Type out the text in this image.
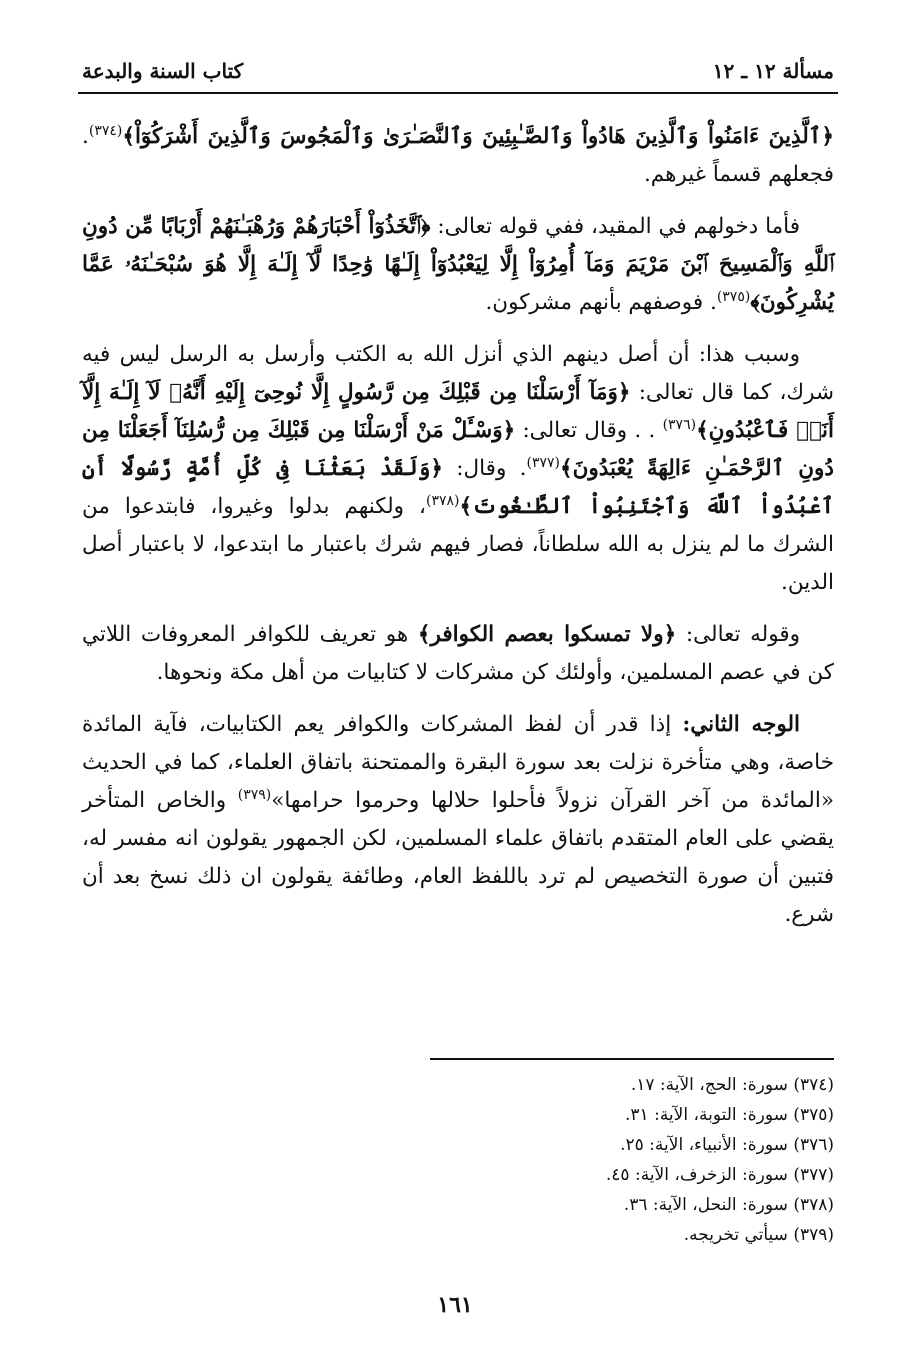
مسألة ١٢ ـ ١٢
كتاب السنة والبدعة

﴿ٱلَّذِينَ ءَامَنُواْ وَٱلَّذِينَ هَادُواْ وَٱلصَّـٰبِئِينَ وَٱلنَّصَـٰرَىٰ وَٱلْمَجُوسَ وَٱلَّذِينَ أَشْرَكُوٓاْ﴾$^{(٣٧٤)}$. فجعلهم قسماً غيرهم.

فأما دخولهم في المقيد، ففي قوله تعالى: ﴿ٱتَّخَذُوٓاْ أَحْبَارَهُمْ وَرُهْبَـٰنَهُمْ أَرْبَابًا مِّن دُونِ ٱللَّهِ وَٱلْمَسِيحَ ٱبْنَ مَرْيَمَ وَمَآ أُمِرُوٓاْ إِلَّا لِيَعْبُدُوٓاْ إِلَـٰهًا وَٰحِدًا لَّآ إِلَـٰهَ إِلَّا هُوَ سُبْحَـٰنَهُۥ عَمَّا يُشْرِكُونَ﴾$^{(٣٧٥)}$. فوصفهم بأنهم مشركون.

وسبب هذا: أن أصل دينهم الذي أنزل الله به الكتب وأرسل به الرسل ليس فيه شرك، كما قال تعالى: ﴿وَمَآ أَرْسَلْنَا مِن قَبْلِكَ مِن رَّسُولٍ إِلَّا نُوحِىٓ إِلَيْهِ أَنَّهُۥ لَآ إِلَـٰهَ إِلَّآ أَنَا۠ فَٱعْبُدُونِ﴾$^{(٣٧٦)}$ . . وقال تعالى: ﴿وَسْـَٔلْ مَنْ أَرْسَلْنَا مِن قَبْلِكَ مِن رُّسُلِنَآ أَجَعَلْنَا مِن دُونِ ٱلرَّحْمَـٰنِ ءَالِهَةً يُعْبَدُونَ﴾$^{(٣٧٧)}$. وقال: ﴿وَلَقَدْ بَعَثْنَا فِى كُلِّ أُمَّةٍ رَّسُولًا أَنِ ٱعْبُدُواْ ٱللَّهَ وَٱجْتَنِبُواْ ٱلطَّـٰغُوتَ﴾$^{(٣٧٨)}$، ولكنهم بدلوا وغيروا، فابتدعوا من الشرك ما لم ينزل به الله سلطاناً، فصار فيهم شرك باعتبار ما ابتدعوا، لا باعتبار أصل الدين.

وقوله تعالى: ﴿ولا تمسكوا بعصم الكوافر﴾ هو تعريف للكوافر المعروفات اللاتي كن في عصم المسلمين، وأولئك كن مشركات لا كتابيات من أهل مكة ونحوها.

الوجه الثاني: إذا قدر أن لفظ المشركات والكوافر يعم الكتابيات، فآية المائدة خاصة، وهي متأخرة نزلت بعد سورة البقرة والممتحنة باتفاق العلماء، كما في الحديث «المائدة من آخر القرآن نزولاً فأحلوا حلالها وحرموا حرامها»$^{(٣٧٩)}$ والخاص المتأخر يقضي على العام المتقدم باتفاق علماء المسلمين، لكن الجمهور يقولون انه مفسر له، فتبين أن صورة التخصيص لم ترد باللفظ العام، وطائفة يقولون ان ذلك نسخ بعد أن شرع.

(٣٧٤) سورة: الحج، الآية: ١٧.
(٣٧٥) سورة: التوبة، الآية: ٣١.
(٣٧٦) سورة: الأنبياء، الآية: ٢٥.
(٣٧٧) سورة: الزخرف، الآية: ٤٥.
(٣٧٨) سورة: النحل، الآية: ٣٦.
(٣٧٩) سيأتي تخريجه.
١٦١
